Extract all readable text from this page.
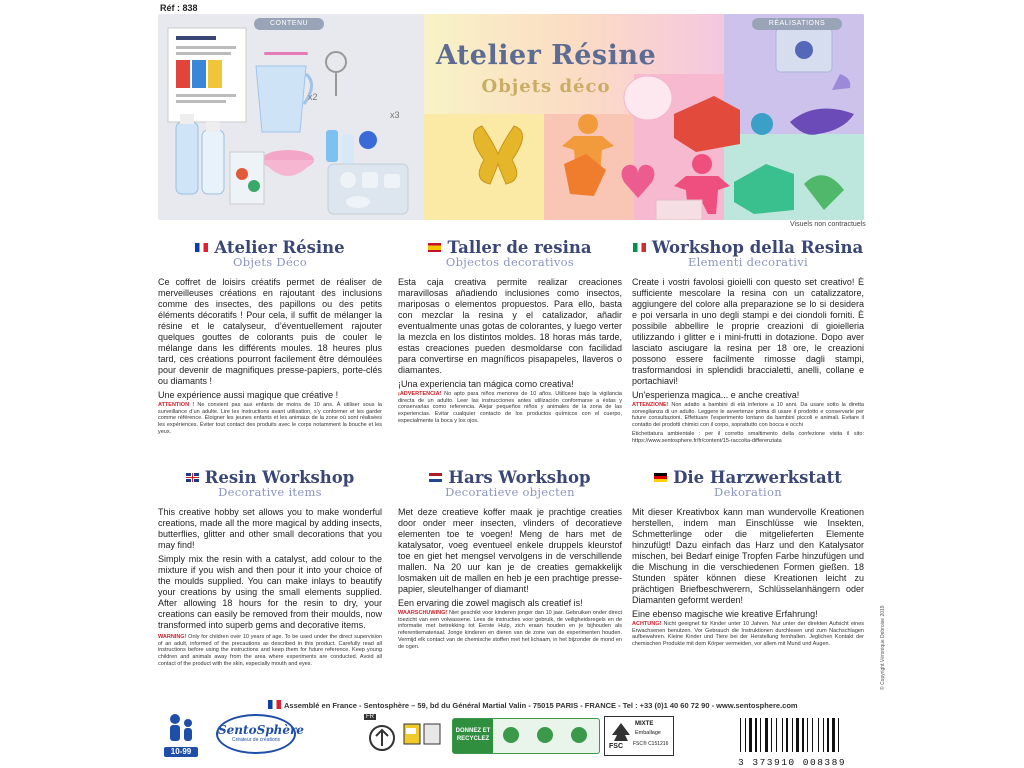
Réf : 838
CONTENU
x2
x3
RÉALISATIONS
Atelier Résine
Objets déco
Visuels non contractuels
Atelier Résine
Objets Déco

Ce coffret de loisirs créatifs permet de réaliser de merveilleuses créations en rajoutant des inclusions comme des insectes, des papillons ou des petits éléments décoratifs ! Pour cela, il suffit de mélanger la résine et le catalyseur, d’éventuellement rajouter quelques gouttes de colorants puis de couler le mélange dans les différents moules. 18 heures plus tard, ces créations pourront facilement être démoulées pour devenir de magnifiques presse-papiers, porte-clés ou diamants !

Une expérience aussi magique que créative !
ATTENTION ! Ne convient pas aux enfants de moins de 10 ans. À utiliser sous la surveillance d’un adulte. Lire les instructions avant utilisation, s’y conformer et les garder comme référence. Éloigner les jeunes enfants et les animaux de la zone où sont réalisées les expériences. Éviter tout contact des produits avec le corps notamment la bouche et les yeux.
Taller de resina
Objectos decorativos

Esta caja creativa permite realizar creaciones maravillosas añadiendo inclusiones como insectos, mariposas o elementos propuestos. Para ello, basta con mezclar la resina y el catalizador, añadir eventualmente unas gotas de colorantes, y luego verter la mezcla en los distintos moldes. 18 horas más tarde, estas creaciones pueden desmoldarse con facilidad para convertirse en magníficos pisapapeles, llaveros o diamantes.

¡Una experiencia tan mágica como creativa!
¡ADVERTENCIA! No apto para niños menores de 10 años. Utilícese bajo la vigilancia directa de un adulto. Leer las instrucciones antes utilización conformarse a éstas y conservarlas como referencia. Alejar pequeños niños y animales de la zona de las experiencias. Evitar cualquier contacto de los productos químicos con el cuerpo, especialmente la boca y los ojos.
Workshop della Resina
Elementi decorativi

Create i vostri favolosi gioielli con questo set creativo! È sufficiente mescolare la resina con un catalizzatore, aggiungere del colore alla preparazione se lo si desidera e poi versarla in uno degli stampi e dei ciondoli forniti. È possibile abbellire le proprie creazioni di gioielleria utilizzando i glitter e i mini-frutti in dotazione. Dopo aver lasciato asciugare la resina per 18 ore, le creazioni possono essere facilmente rimosse dagli stampi, trasformandosi in splendidi braccialetti, anelli, collane e portachiavi!

Un'esperienza magica... e anche creativa!
ATTENZIONE! Non adatto a bambini di età inferiore a 10 anni. Da usare sotto la diretta sorveglianza di un adulto. Leggere le avvertenze prima di usare il prodotto e conservarle per future consultazioni. Effettuare l’esperimento lontano da bambini piccoli e animali. Evitare il contatto dei prodotti chimici con il corpo, soprattutto con bocca e occhi
Etichettatura ambientale : per il corretto smaltimento della confezione visita il sito: https://www.sentosphere.fr/fr/content/15-raccolta-differenziata
Resin Workshop
Decorative items

This creative hobby set allows you to make wonderful creations, made all the more magical by adding insects, butterflies, glitter and other small decorations that you may find!

Simply mix the resin with a catalyst, add colour to the mixture if you wish and then pour it into your choice of the moulds supplied. You can make inlays to beautify your creations by using the small elements supplied. After allowing 18 hours for the resin to dry, your creations can easily be removed from their moulds, now transformed into superb gems and decorative items.

WARNING! Only for children over 10 years of age. To be used under the direct supervision of an adult, informed of the precautions as described in this product. Carefully read all instructions before using the instructions and keep them for future reference. Keep young children and animals away from the area where experiments are conducted. Avoid all contact of the product with the skin, especially mouth and eyes.
Hars Workshop
Decoratieve objecten

Met deze creatieve koffer maak je prachtige creaties door onder meer insecten, vlinders of decoratieve elementen toe te voegen! Meng de hars met de katalysator, voeg eventueel enkele druppels kleurstof toe en giet het mengsel vervolgens in de verschillende mallen. Na 20 uur kan je de creaties gemakkelijk losmaken uit de mallen en heb je een prachtige presse-papier, sleutelhanger of diamant!

Een ervaring die zowel magisch als creatief is!
WAARSCHUWING! Niet geschikt voor kinderen jonger dan 10 jaar. Gebruiken onder direct toezicht van een volwassene. Lees de instructies voor gebruik, de veiligheidsregels en de informatie met betrekking tot Eerste Hulp, zich eraan houden en je bijhouden als referentiemateriaal. Jonge kinderen en dieren van de zone van de experimenten houden. Vermijd elk contact van de chemische stoffen met het lichaam, in het bijzonder de mond en de ogen.
Die Harzwerkstatt
Dekoration

Mit dieser Kreativbox kann man wundervolle Kreationen herstellen, indem man Einschlüsse wie Insekten, Schmetterlinge oder die mitgelieferten Elemente hinzufügt! Dazu einfach das Harz und den Katalysator mischen, bei Bedarf einige Tropfen Farbe hinzufügen und die Mischung in die verschiedenen Formen gießen. 18 Stunden später können diese Kreationen leicht zu prächtigen Briefbeschwerern, Schlüsselanhängern oder Diamanten geformt werden!

Eine ebenso magische wie kreative Erfahrung!
ACHTUNG! Nicht geeignet für Kinder unter 10 Jahren. Nur unter der direkten Aufsicht eines Erwachsenen benutzen. Vor Gebrauch die Instruktionen durchlesen und zum Nachschlagen aufbewahren. Kleine Kinder und Tiere bei der Herstellung fernhalten. Jeglichen Kontakt der chemischen Produkte mit dem Körper vermeiden, vor allem mit Mund und Augen.	© Copyright Véronique Debroise 2019
Assemblé en France - Sentosphère – 59, bd du Général Martial Valin - 75015 PARIS - FRANCE - Tel : +33 (0)1 40 60 72 90 - www.sentosphere.com
10-99
SentoSphère
Créateur de créations
FR
DONNEZ ET RECYCLEZ
FSC
MIXTE
Emballage
FSC® C151216
3 373910 008389
